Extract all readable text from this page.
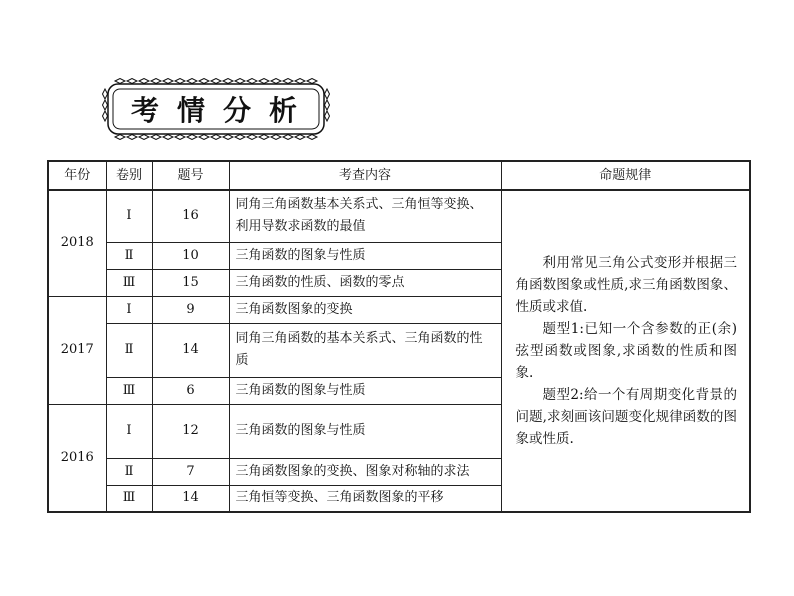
考情分析
年份	卷别	题号	考查内容	命题规律
2018	Ⅰ	16	同角三角函数基本关系式、三角恒等变换、利用导数求函数的最值	利用常见三角公式变形并根据三角函数图象或性质,求三角函数图象、性质或求值.

题型1:已知一个含参数的正(余)弦型函数或图象,求函数的性质和图象.

题型2:给一个有周期变化背景的问题,求刻画该问题变化规律函数的图象或性质.

	Ⅱ	10	三角函数的图象与性质	
	Ⅲ	15	三角函数的性质、函数的零点	
2017	Ⅰ	9	三角函数图象的变换	
	Ⅱ	14	同角三角函数的基本关系式、三角函数的性质	
	Ⅲ	6	三角函数的图象与性质	
2016	Ⅰ	12	三角函数的图象与性质	
	Ⅱ	7	三角函数图象的变换、图象对称轴的求法	
	Ⅲ	14	三角恒等变换、三角函数图象的平移	
